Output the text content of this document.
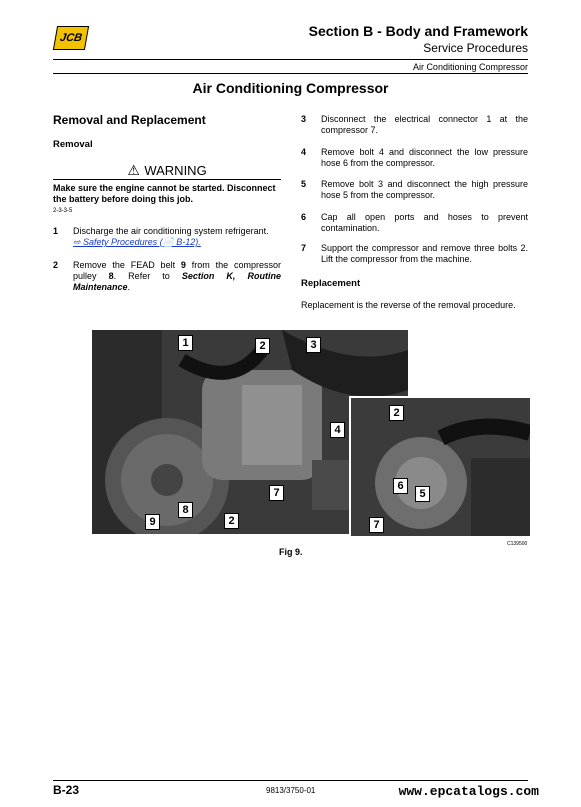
JCB	Section B - Body and Framework
Service Procedures
Air Conditioning Compressor
Air Conditioning Compressor
Removal and Replacement
Removal
⚠ WARNING
Make sure the engine cannot be started. Disconnect the battery before doing this job.
2-3-3-5
1	Discharge the air conditioning system refrigerant.
⇨ Safety Procedures (📄 B-12).
2	Remove the FEAD belt 9 from the compressor pulley 8. Refer to Section K, Routine Maintenance.
3	Disconnect the electrical connector 1 at the compressor 7.
4	Remove bolt 4 and disconnect the low pressure hose 6 from the compressor.
5	Remove bolt 3 and disconnect the high pressure hose 5 from the compressor.
6	Cap all open ports and hoses to prevent contamination.
7	Support the compressor and remove three bolts 2. Lift the compressor from the machine.
Replacement
Replacement is the reverse of the removal procedure.
1	2	3
4
7
2
8
9
2
6
5
7
C139500
Fig 9.
B-23	9813/3750-01	www.epcatalogs.com
